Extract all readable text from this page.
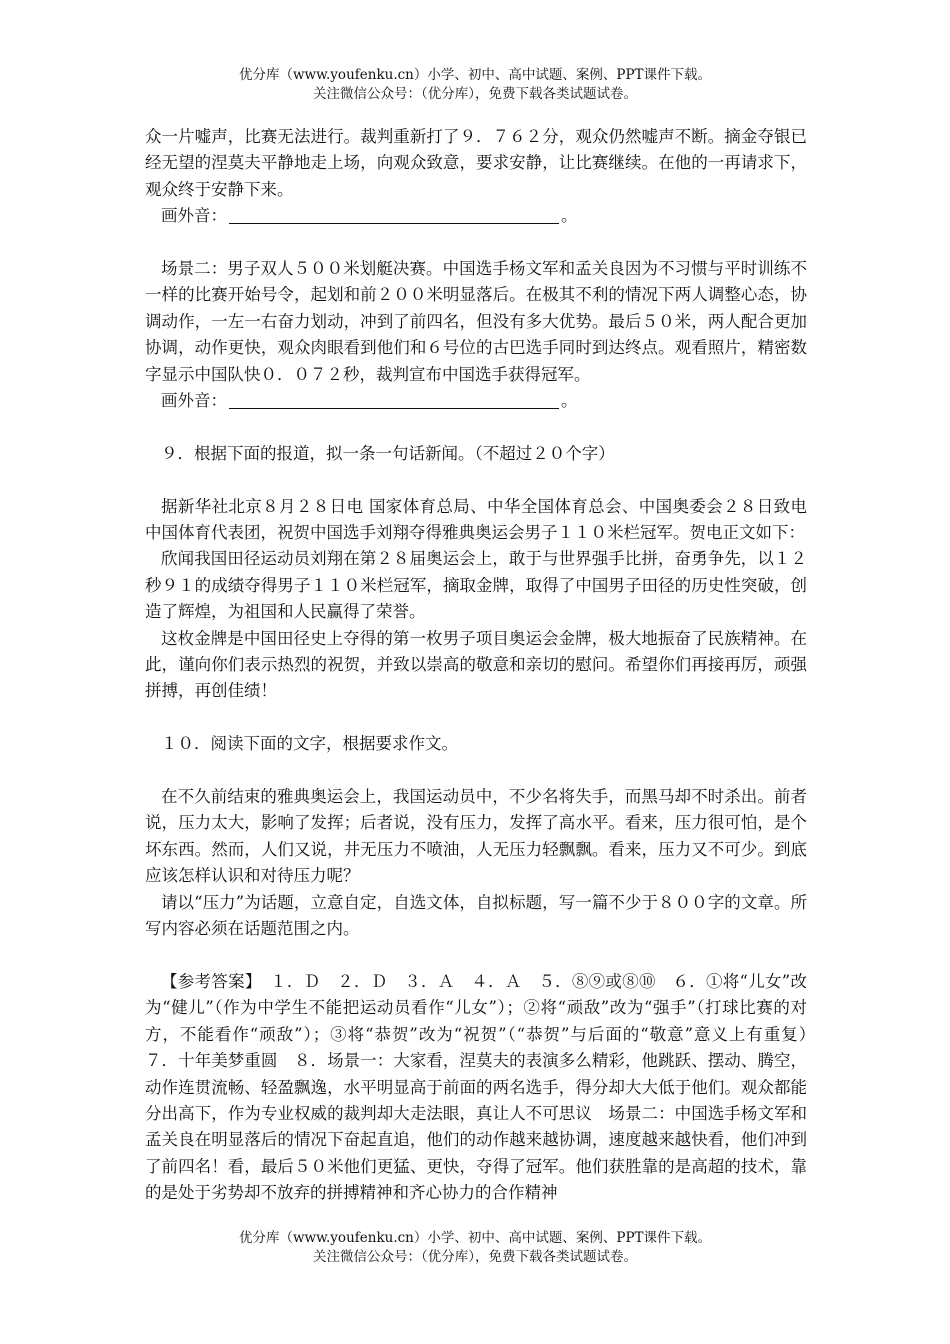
优分库（www.youfenku.cn）小学、初中、高中试题、案例、PPT课件下载。
关注微信公众号：（优分库），免费下载各类试题试卷。

众一片嘘声，比赛无法进行。裁判重新打了９．７６２分，观众仍然嘘声不断。摘金夺银已经无望的涅莫夫平静地走上场，向观众致意，要求安静，让比赛继续。在他的一再请求下，观众终于安静下来。

画外音：	。

场景二：男子双人５００米划艇决赛。中国选手杨文军和孟关良因为不习惯与平时训练不一样的比赛开始号令，起划和前２００米明显落后。在极其不利的情况下两人调整心态，协调动作，一左一右奋力划动，冲到了前四名，但没有多大优势。最后５０米，两人配合更加协调，动作更快，观众肉眼看到他们和６号位的古巴选手同时到达终点。观看照片，精密数字显示中国队快０．０７２秒，裁判宣布中国选手获得冠军。

画外音：	。

９．根据下面的报道，拟一条一句话新闻。（不超过２０个字）

据新华社北京８月２８日电 国家体育总局、中华全国体育总会、中国奥委会２８日致电中国体育代表团，祝贺中国选手刘翔夺得雅典奥运会男子１１０米栏冠军。贺电正文如下：

欣闻我国田径运动员刘翔在第２８届奥运会上，敢于与世界强手比拼，奋勇争先，以１２秒９１的成绩夺得男子１１０米栏冠军，摘取金牌，取得了中国男子田径的历史性突破，创造了辉煌，为祖国和人民赢得了荣誉。

这枚金牌是中国田径史上夺得的第一枚男子项目奥运会金牌，极大地振奋了民族精神。在此，谨向你们表示热烈的祝贺，并致以崇高的敬意和亲切的慰问。希望你们再接再厉，顽强拼搏，再创佳绩！

１０．阅读下面的文字，根据要求作文。

在不久前结束的雅典奥运会上，我国运动员中，不少名将失手，而黑马却不时杀出。前者说，压力太大，影响了发挥；后者说，没有压力，发挥了高水平。看来，压力很可怕，是个坏东西。然而，人们又说，井无压力不喷油，人无压力轻飘飘。看来，压力又不可少。到底应该怎样认识和对待压力呢？

请以“压力”为话题，立意自定，自选文体，自拟标题，写一篇不少于８００字的文章。所写内容必须在话题范围之内。

【参考答案】　１．Ｄ　２．Ｄ　３．Ａ　４．Ａ　５．⑧⑨或⑧⑩　６．①将“儿女”改为“健儿”（作为中学生不能把运动员看作“儿女”）；②将“顽敌”改为“强手”（打球比赛的对方，不能看作“顽敌”）；③将“恭贺”改为“祝贺”（“恭贺”与后面的“敬意”意义上有重复）　７．十年美梦重圆　８．场景一：大家看，涅莫夫的表演多么精彩，他跳跃、摆动、腾空，动作连贯流畅、轻盈飘逸，水平明显高于前面的两名选手，得分却大大低于他们。观众都能分出高下，作为专业权威的裁判却大走法眼，真让人不可思议　场景二：中国选手杨文军和孟关良在明显落后的情况下奋起直追，他们的动作越来越协调，速度越来越快看，他们冲到了前四名！看，最后５０米他们更猛、更快，夺得了冠军。他们获胜靠的是高超的技术，靠的是处于劣势却不放弃的拼搏精神和齐心协力的合作精神

优分库（www.youfenku.cn）小学、初中、高中试题、案例、PPT课件下载。
关注微信公众号：（优分库），免费下载各类试题试卷。
